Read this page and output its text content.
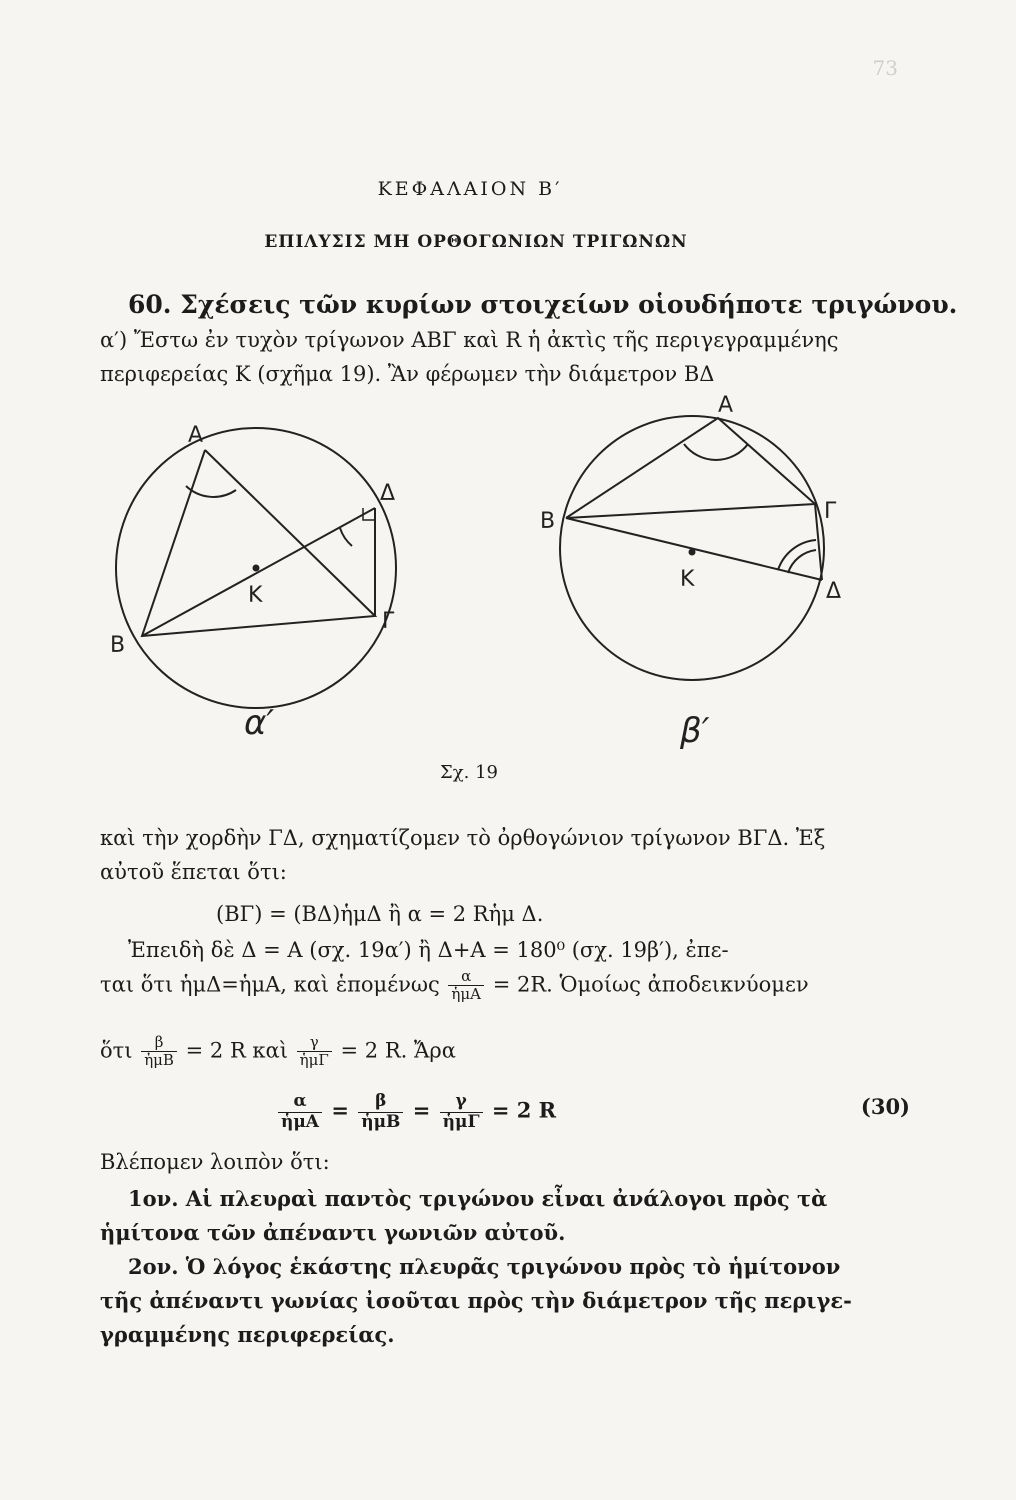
73
ΚΕΦΑΛΑΙΟΝ Β′
ΕΠΙΛΥΣΙΣ ΜΗ ΟΡΘΟΓΩΝΙΩΝ ΤΡΙΓΩΝΩΝ
60. Σχέσεις τῶν κυρίων στοιχείων οἱουδήποτε τριγώνου.
α′) Ἔστω ἐν τυχὸν τρίγωνον ΑΒΓ καὶ R ἡ ἀκτὶς τῆς περιγεγραμμένης
περιφερείας Κ (σχῆμα 19). Ἂν φέρωμεν τὴν διάμετρον ΒΔ
Α
Β
Γ
Δ
Κ
α′
Α
Β	Γ
Δ
Κ
β′
Σχ. 19
καὶ τὴν χορδὴν ΓΔ, σχηματίζομεν τὸ ὀρθογώνιον τρίγωνον ΒΓΔ. Ἐξ
αὐτοῦ ἕπεται ὅτι:
(ΒΓ) = (ΒΔ)ἡμΔ ἢ α = 2 Rἡμ Δ.
Ἐπειδὴ δὲ Δ = Α (σχ. 19α′) ἢ Δ+Α = 180⁰ (σχ. 19β′), ἐπε-
ται ὅτι ἡμΔ=ἡμΑ, καὶ ἑπομένως $\frac{\alpha}{\text{ἡμΑ}} = 2R$. Ὁμοίως ἀποδεικνύομεν
ὅτι $\frac{\beta}{\text{ἡμΒ}} = 2$ R καὶ $\frac{\gamma}{\text{ἡμΓ}} = 2$ R. Ἄρα
$\frac{\alpha}{\text{ἡμΑ}} = \frac{\beta}{\text{ἡμΒ}} = \frac{\gamma}{\text{ἡμΓ}} = 2$ R	(30)
Βλέπομεν λοιπὸν ὅτι:
1ον. Αἱ πλευραὶ παντὸς τριγώνου εἶναι ἀνάλογοι πρὸς τὰ
ἡμίτονα τῶν ἀπέναντι γωνιῶν αὐτοῦ.
2ον. Ὁ λόγος ἑκάστης πλευρᾶς τριγώνου πρὸς τὸ ἡμίτονον
τῆς ἀπέναντι γωνίας ἰσοῦται πρὸς τὴν διάμετρον τῆς περιγε-
γραμμένης περιφερείας.
